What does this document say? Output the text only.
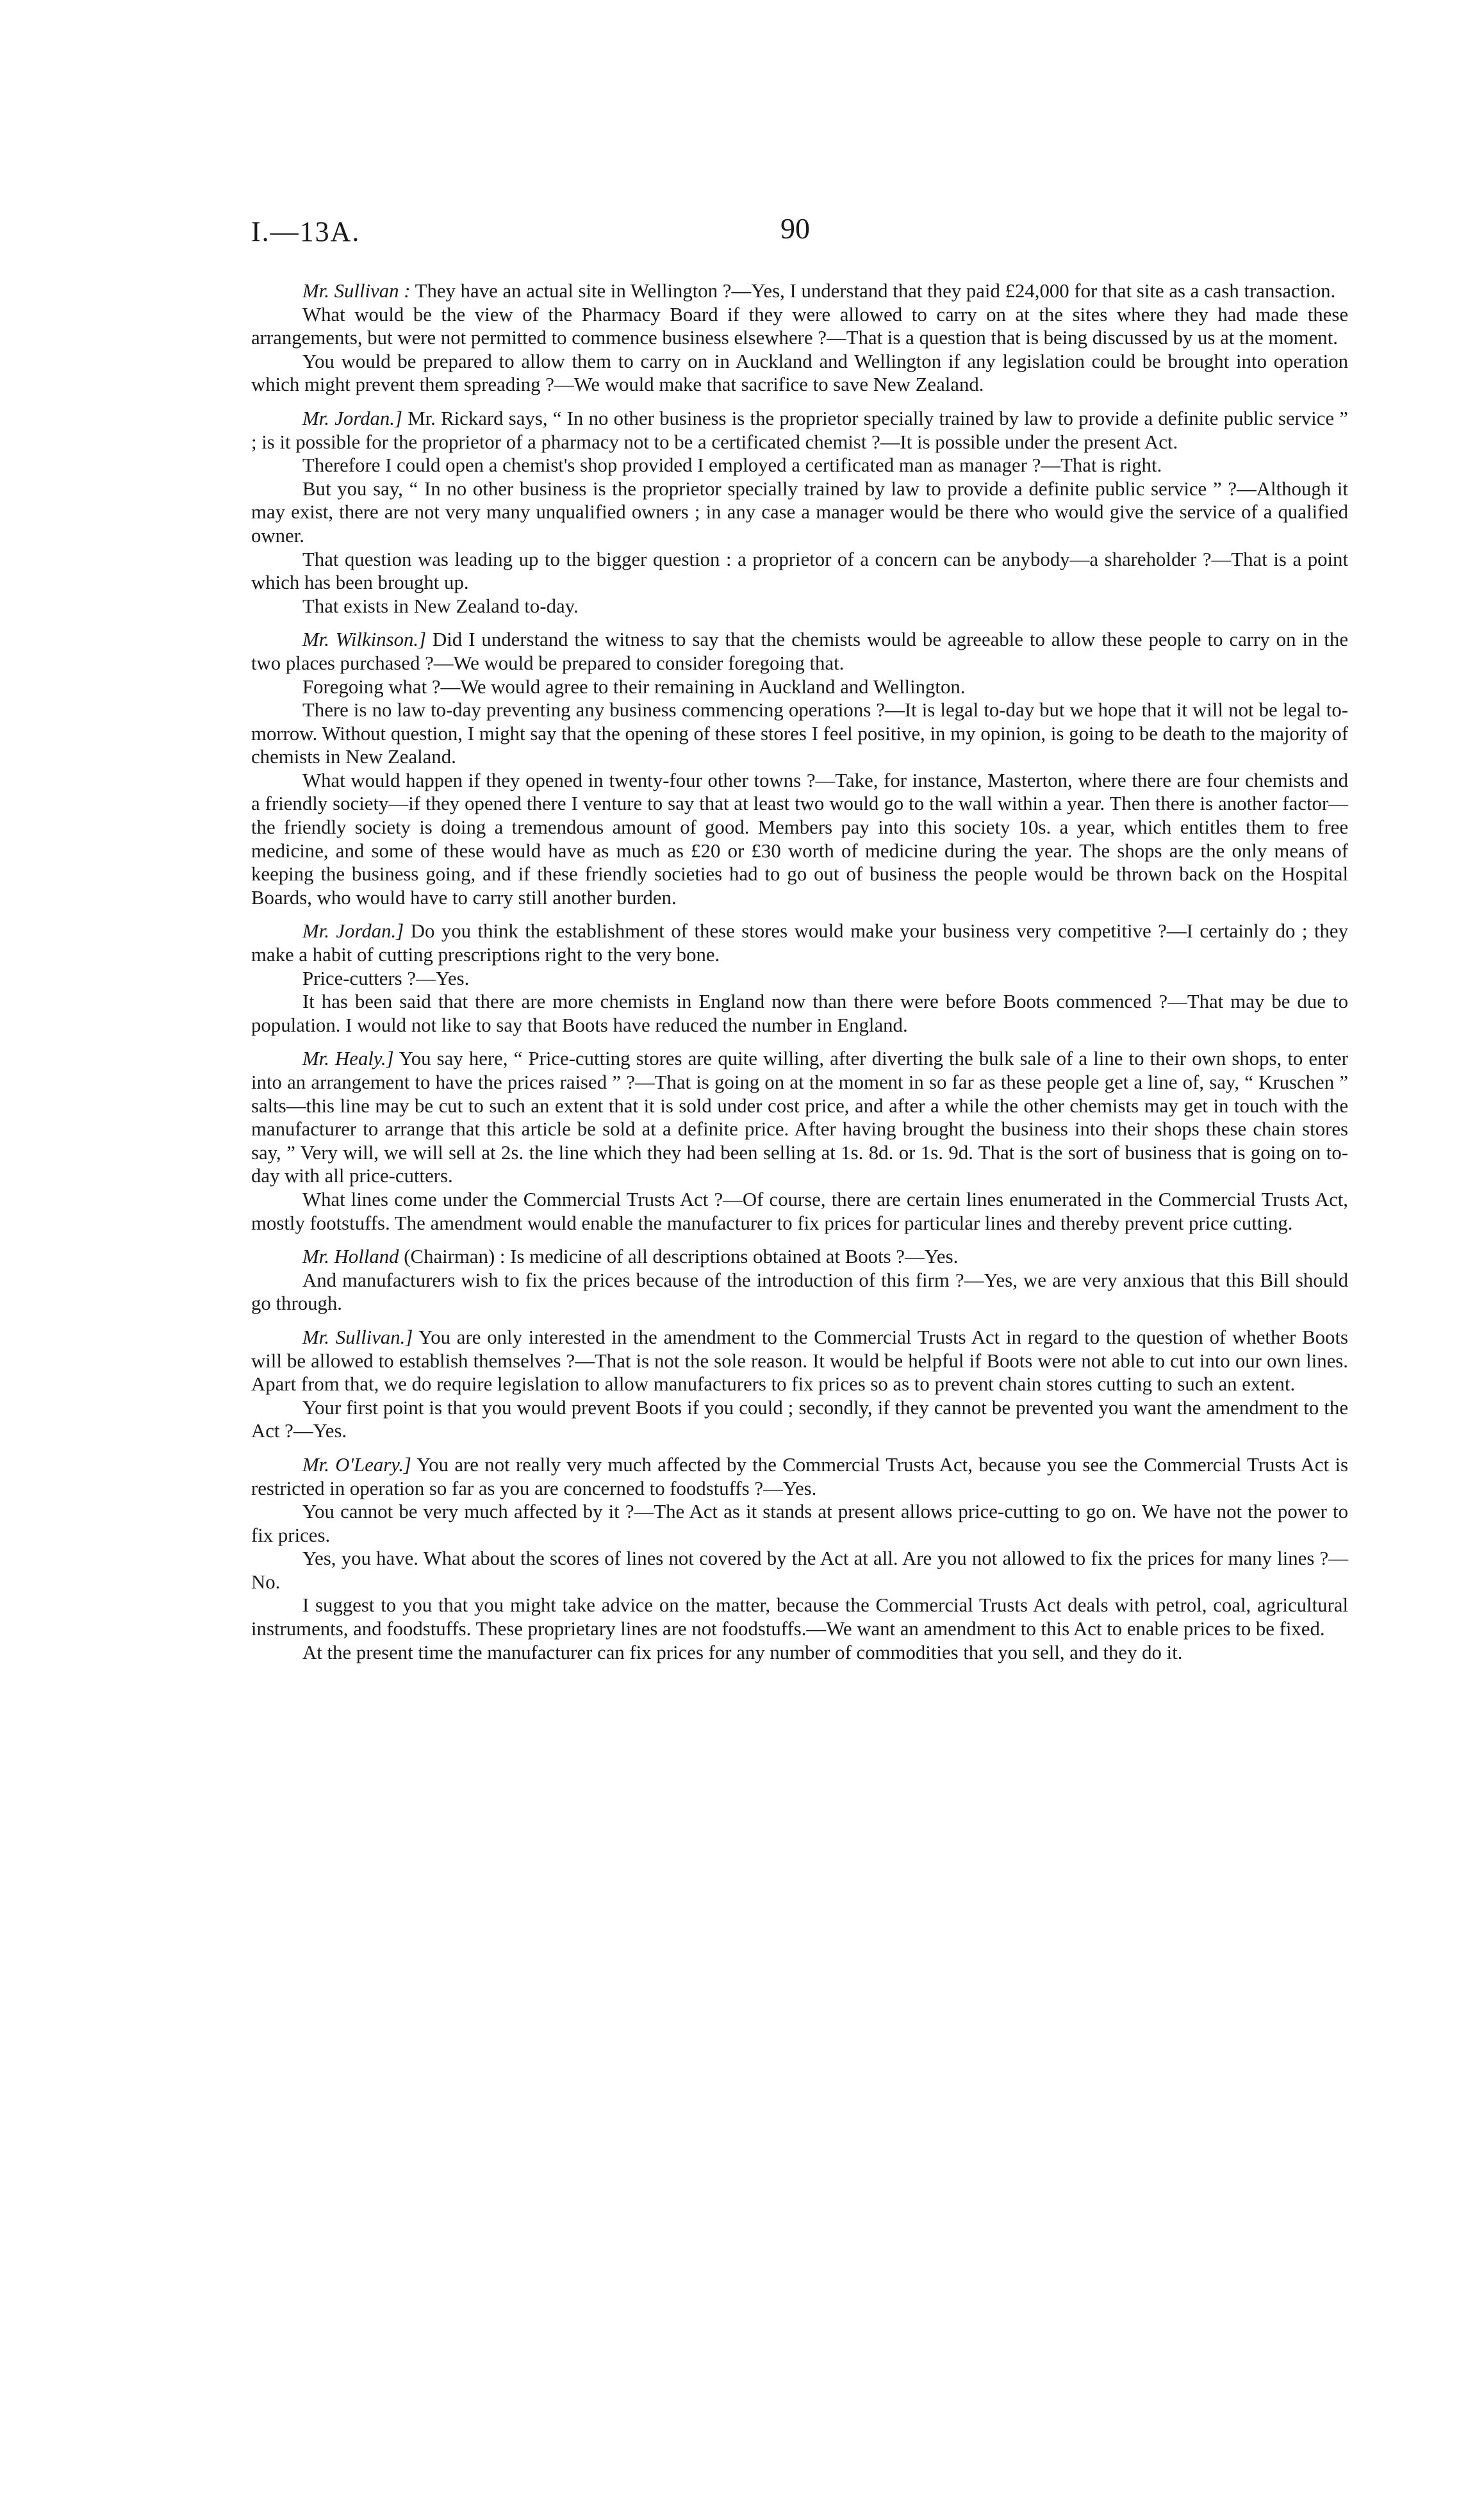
I.—13A.	90

Mr. Sullivan : They have an actual site in Wellington ?—Yes, I understand that they paid £24,000 for that site as a cash transaction.

What would be the view of the Pharmacy Board if they were allowed to carry on at the sites where they had made these arrangements, but were not permitted to commence business elsewhere ?—That is a question that is being discussed by us at the moment.

You would be prepared to allow them to carry on in Auckland and Wellington if any legislation could be brought into operation which might prevent them spreading ?—We would make that sacrifice to save New Zealand.

Mr. Jordan.] Mr. Rickard says, “ In no other business is the proprietor specially trained by law to provide a definite public service ” ; is it possible for the proprietor of a pharmacy not to be a certificated chemist ?—It is possible under the present Act.

Therefore I could open a chemist's shop provided I employed a certificated man as manager ?—That is right.

But you say, “ In no other business is the proprietor specially trained by law to provide a definite public service ” ?—Although it may exist, there are not very many unqualified owners ; in any case a manager would be there who would give the service of a qualified owner.

That question was leading up to the bigger question : a proprietor of a concern can be anybody—a shareholder ?—That is a point which has been brought up.

That exists in New Zealand to-day.

Mr. Wilkinson.] Did I understand the witness to say that the chemists would be agreeable to allow these people to carry on in the two places purchased ?—We would be prepared to consider foregoing that.

Foregoing what ?—We would agree to their remaining in Auckland and Wellington.

There is no law to-day preventing any business commencing operations ?—It is legal to-day but we hope that it will not be legal to-morrow. Without question, I might say that the opening of these stores I feel positive, in my opinion, is going to be death to the majority of chemists in New Zealand.

What would happen if they opened in twenty-four other towns ?—Take, for instance, Masterton, where there are four chemists and a friendly society—if they opened there I venture to say that at least two would go to the wall within a year. Then there is another factor—the friendly society is doing a tremendous amount of good. Members pay into this society 10s. a year, which entitles them to free medicine, and some of these would have as much as £20 or £30 worth of medicine during the year. The shops are the only means of keeping the business going, and if these friendly societies had to go out of business the people would be thrown back on the Hospital Boards, who would have to carry still another burden.

Mr. Jordan.] Do you think the establishment of these stores would make your business very competitive ?—I certainly do ; they make a habit of cutting prescriptions right to the very bone.

Price-cutters ?—Yes.

It has been said that there are more chemists in England now than there were before Boots commenced ?—That may be due to population. I would not like to say that Boots have reduced the number in England.

Mr. Healy.] You say here, “ Price-cutting stores are quite willing, after diverting the bulk sale of a line to their own shops, to enter into an arrangement to have the prices raised ” ?—That is going on at the moment in so far as these people get a line of, say, “ Kruschen ” salts—this line may be cut to such an extent that it is sold under cost price, and after a while the other chemists may get in touch with the manufacturer to arrange that this article be sold at a definite price. After having brought the business into their shops these chain stores say, ” Very will, we will sell at 2s. the line which they had been selling at 1s. 8d. or 1s. 9d. That is the sort of business that is going on to-day with all price-cutters.

What lines come under the Commercial Trusts Act ?—Of course, there are certain lines enumerated in the Commercial Trusts Act, mostly footstuffs. The amendment would enable the manufacturer to fix prices for particular lines and thereby prevent price cutting.

Mr. Holland (Chairman) : Is medicine of all descriptions obtained at Boots ?—Yes.

And manufacturers wish to fix the prices because of the introduction of this firm ?—Yes, we are very anxious that this Bill should go through.

Mr. Sullivan.] You are only interested in the amendment to the Commercial Trusts Act in regard to the question of whether Boots will be allowed to establish themselves ?—That is not the sole reason. It would be helpful if Boots were not able to cut into our own lines. Apart from that, we do require legislation to allow manufacturers to fix prices so as to prevent chain stores cutting to such an extent.

Your first point is that you would prevent Boots if you could ; secondly, if they cannot be prevented you want the amendment to the Act ?—Yes.

Mr. O'Leary.] You are not really very much affected by the Commercial Trusts Act, because you see the Commercial Trusts Act is restricted in operation so far as you are concerned to foodstuffs ?—Yes.

You cannot be very much affected by it ?—The Act as it stands at present allows price-cutting to go on. We have not the power to fix prices.

Yes, you have. What about the scores of lines not covered by the Act at all. Are you not allowed to fix the prices for many lines ?—No.

I suggest to you that you might take advice on the matter, because the Commercial Trusts Act deals with petrol, coal, agricultural instruments, and foodstuffs. These proprietary lines are not foodstuffs.—We want an amendment to this Act to enable prices to be fixed.

At the present time the manufacturer can fix prices for any number of commodities that you sell, and they do it.
